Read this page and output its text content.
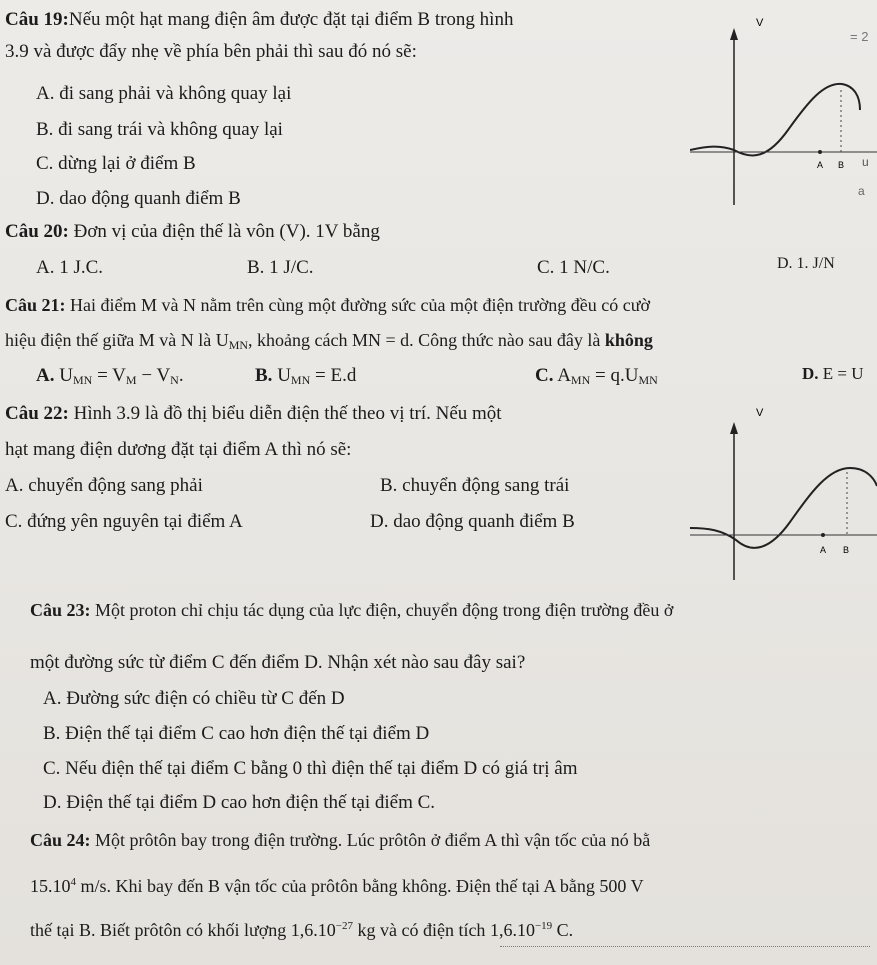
Câu 19:Nếu một hạt mang điện âm được đặt tại điểm B trong hình
3.9 và được đẩy nhẹ về phía bên phải thì sau đó nó sẽ:
A. đi sang phải và không quay lại
B. đi sang trái và không quay lại
C. dừng lại ở điểm B
D. dao động quanh điểm B
V
A B
= 2
u
a
Câu 20: Đơn vị của điện thế là vôn (V). 1V bằng
A. 1 J.C.	B. 1 J/C.	C. 1 N/C.	D. 1. J/N
Câu 21: Hai điểm M và N nằm trên cùng một đường sức của một điện trường đều có cườ
hiệu điện thế giữa M và N là $U_{MN}$, khoảng cách MN = d. Công thức nào sau đây là không
A. $U_{MN} = V_M - V_N$.	B. $U_{MN} = E.d$	C. $A_{MN} = q.U_{MN}$	D. E = U
Câu 22: Hình 3.9 là đồ thị biểu diễn điện thế theo vị trí. Nếu một
hạt mang điện dương đặt tại điểm A thì nó sẽ:
A. chuyển động sang phải	B. chuyển động sang trái
C. đứng yên nguyên tại điểm A	D. dao động quanh điểm B
V
A B
Câu 23: Một proton chỉ chịu tác dụng của lực điện, chuyển động trong điện trường đều ở
một đường sức từ điểm C đến điểm D. Nhận xét nào sau đây sai?
A. Đường sức điện có chiều từ C đến D
B. Điện thế tại điểm C cao hơn điện thế tại điểm D
C. Nếu điện thế tại điểm C bằng 0 thì điện thế tại điểm D có giá trị âm
D. Điện thế tại điểm D cao hơn điện thế tại điểm C.
Câu 24: Một prôtôn bay trong điện trường. Lúc prôtôn ở điểm A thì vận tốc của nó bằ
15.10$^4$ m/s. Khi bay đến B vận tốc của prôtôn bằng không. Điện thế tại A bằng 500 V
thế tại B. Biết prôtôn có khối lượng $1,6.10^{-27}$ kg và có điện tích $1,6.10^{-19}$ C.
